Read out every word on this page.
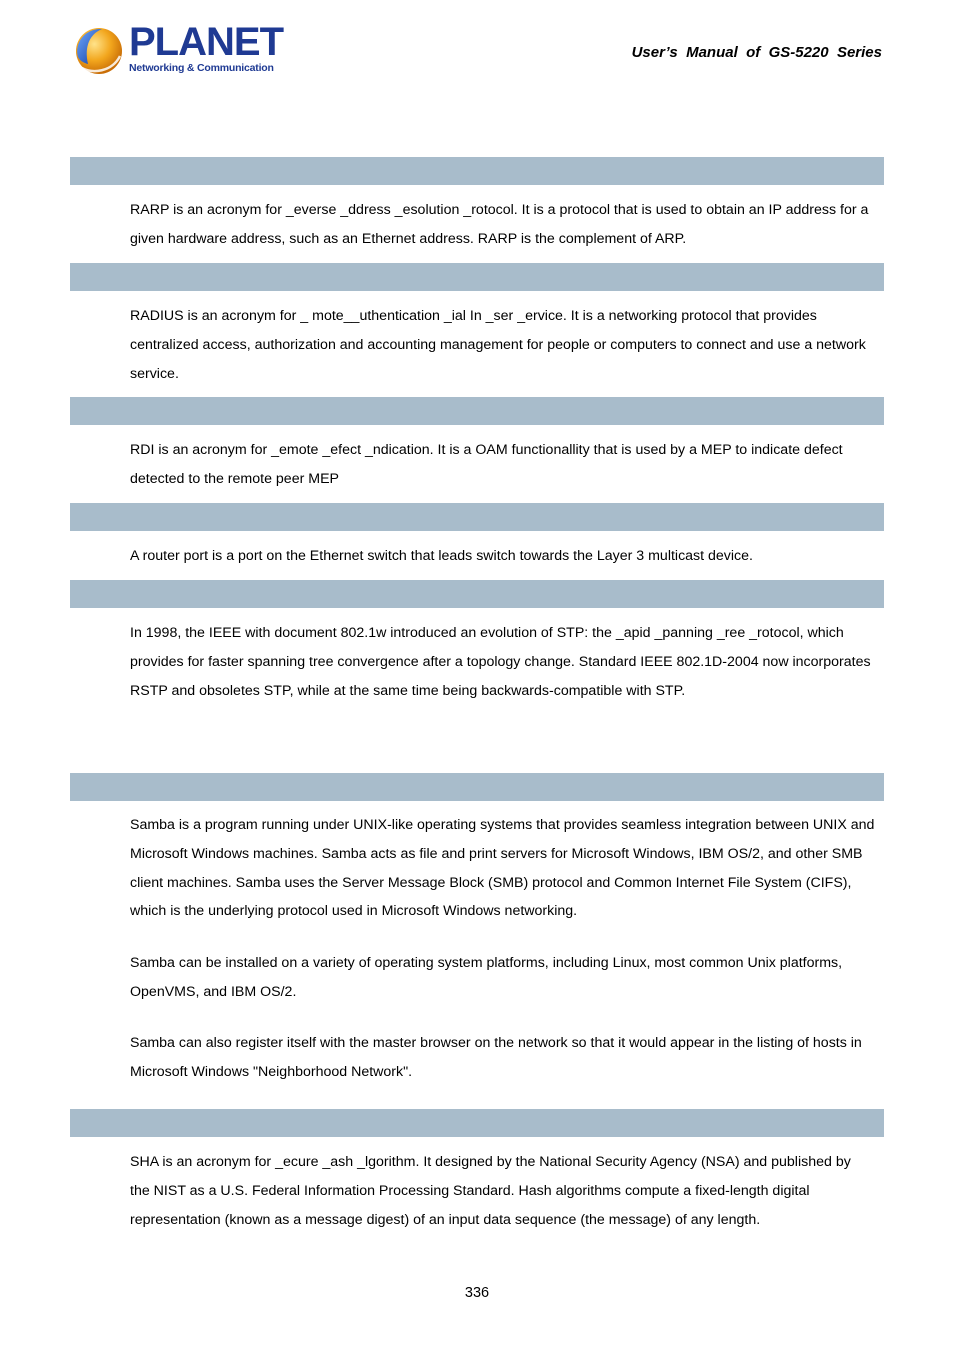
PLANET
Networking & Communication
User’s  Manual  of  GS-5220  Series

RARP is an acronym for _everse _ddress _esolution _rotocol. It is a protocol that is used to obtain an IP address for a
given hardware address, such as an Ethernet address. RARP is the complement of ARP.

RADIUS is an acronym for _ mote__uthentication _ial In _ser _ervice. It is a networking protocol that provides
centralized access, authorization and accounting management for people or computers to connect and use a network
service.

RDI is an acronym for _emote _efect _ndication. It is a OAM functionallity that is used by a MEP to indicate defect
detected to the remote peer MEP

A router port is a port on the Ethernet switch that leads switch towards the Layer 3 multicast device.

In 1998, the IEEE with document 802.1w introduced an evolution of STP: the _apid _panning _ree _rotocol, which
provides for faster spanning tree convergence after a topology change. Standard IEEE 802.1D-2004 now incorporates
RSTP and obsoletes STP, while at the same time being backwards-compatible with STP.

Samba is a program running under UNIX-like operating systems that provides seamless integration between UNIX and
Microsoft Windows machines. Samba acts as file and print servers for Microsoft Windows, IBM OS/2, and other SMB
client machines. Samba uses the Server Message Block (SMB) protocol and Common Internet File System (CIFS),
which is the underlying protocol used in Microsoft Windows networking.

Samba can be installed on a variety of operating system platforms, including Linux, most common Unix platforms,
OpenVMS, and IBM OS/2.

Samba can also register itself with the master browser on the network so that it would appear in the listing of hosts in
Microsoft Windows "Neighborhood Network".

SHA is an acronym for _ecure _ash _lgorithm. It designed by the National Security Agency (NSA) and published by
the NIST as a U.S. Federal Information Processing Standard. Hash algorithms compute a fixed-length digital
representation (known as a message digest) of an input data sequence (the message) of any length.

336
